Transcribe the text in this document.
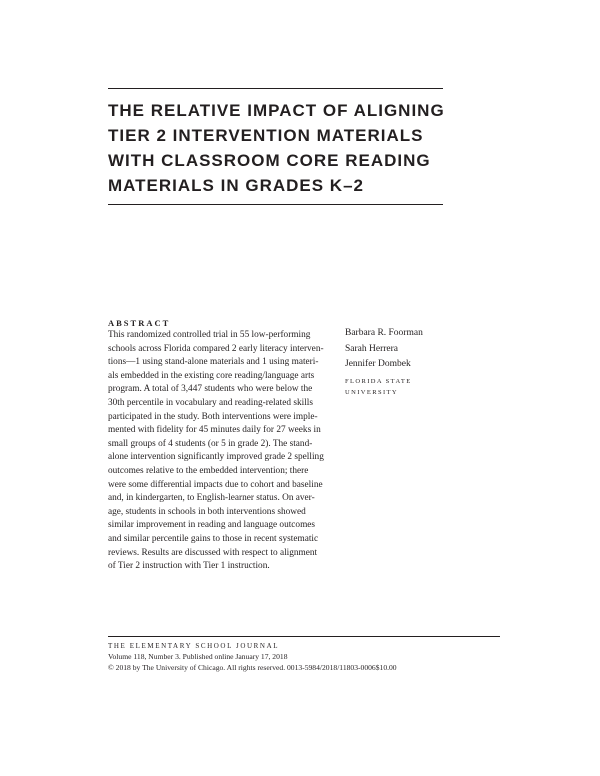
THE RELATIVE IMPACT OF ALIGNING
TIER 2 INTERVENTION MATERIALS
WITH CLASSROOM CORE READING
MATERIALS IN GRADES K–2
ABSTRACT
This randomized controlled trial in 55 low-performing
schools across Florida compared 2 early literacy interven-
tions—1 using stand-alone materials and 1 using materi-
als embedded in the existing core reading/language arts
program. A total of 3,447 students who were below the
30th percentile in vocabulary and reading-related skills
participated in the study. Both interventions were imple-
mented with fidelity for 45 minutes daily for 27 weeks in
small groups of 4 students (or 5 in grade 2). The stand-
alone intervention significantly improved grade 2 spelling
outcomes relative to the embedded intervention; there
were some differential impacts due to cohort and baseline
and, in kindergarten, to English-learner status. On aver-
age, students in schools in both interventions showed
similar improvement in reading and language outcomes
and similar percentile gains to those in recent systematic
reviews. Results are discussed with respect to alignment
of Tier 2 instruction with Tier 1 instruction.
Barbara R. Foorman
Sarah Herrera
Jennifer Dombek
FLORIDA STATE
UNIVERSITY
THE ELEMENTARY SCHOOL JOURNAL
Volume 118, Number 3. Published online January 17, 2018
© 2018 by The University of Chicago. All rights reserved. 0013-5984/2018/11803-0006$10.00
